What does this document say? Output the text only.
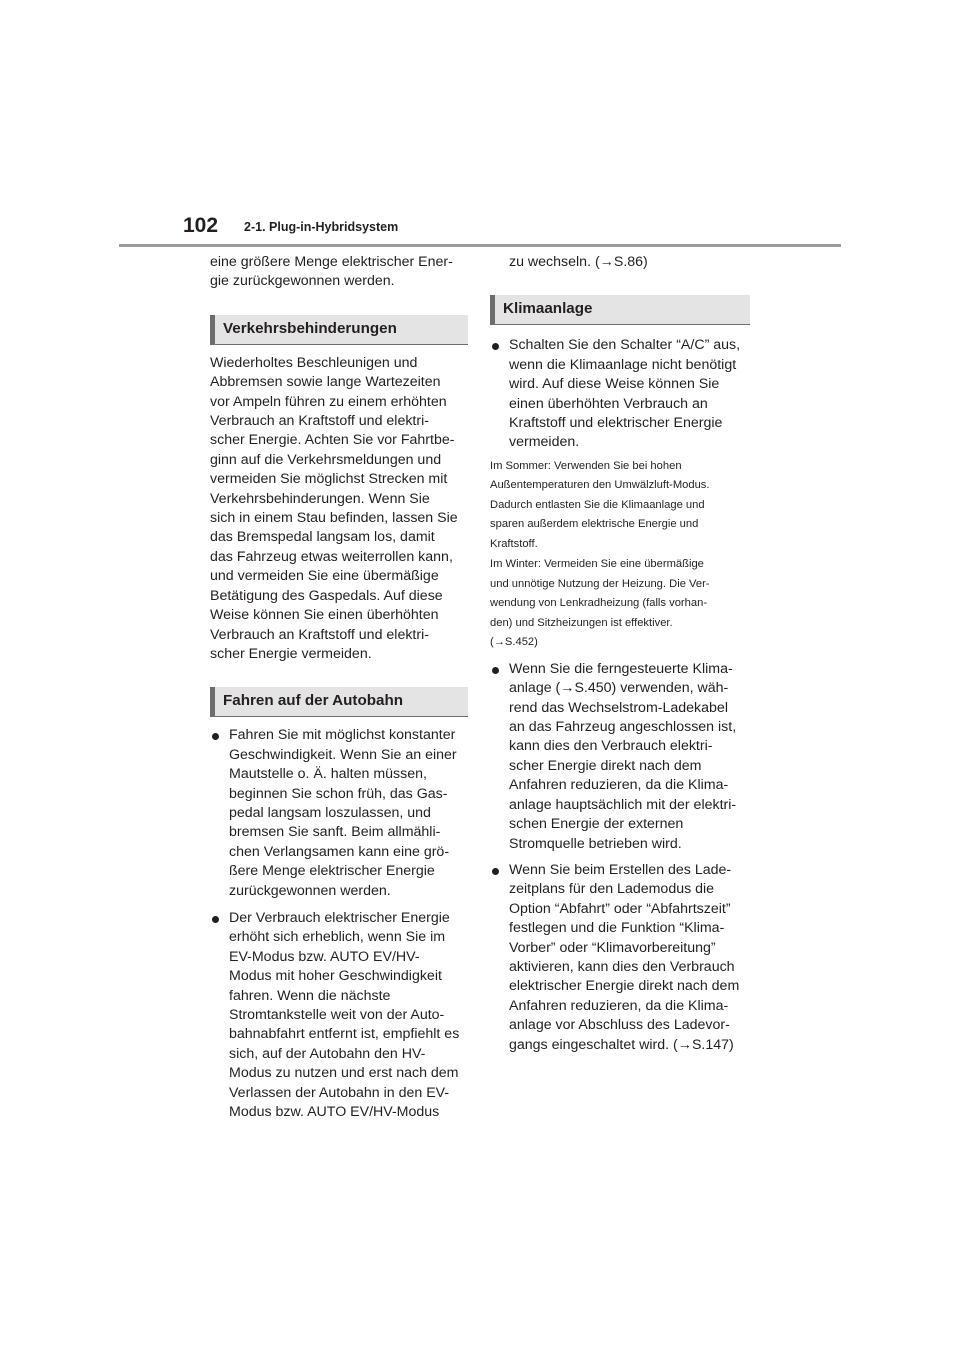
102 2-1. Plug-in-Hybridsystem

eine größere Menge elektrischer Ener-
gie zurückgewonnen werden.

Verkehrsbehinderungen

Wiederholtes Beschleunigen und
Abbremsen sowie lange Wartezeiten
vor Ampeln führen zu einem erhöhten
Verbrauch an Kraftstoff und elektri-
scher Energie. Achten Sie vor Fahrtbe-
ginn auf die Verkehrsmeldungen und
vermeiden Sie möglichst Strecken mit
Verkehrsbehinderungen. Wenn Sie
sich in einem Stau befinden, lassen Sie
das Bremspedal langsam los, damit
das Fahrzeug etwas weiterrollen kann,
und vermeiden Sie eine übermäßige
Betätigung des Gaspedals. Auf diese
Weise können Sie einen überhöhten
Verbrauch an Kraftstoff und elektri-
scher Energie vermeiden.

Fahren auf der Autobahn
Fahren Sie mit möglichst konstanter
Geschwindigkeit. Wenn Sie an einer
Mautstelle o. Ä. halten müssen,
beginnen Sie schon früh, das Gas-
pedal langsam loszulassen, und
bremsen Sie sanft. Beim allmähli-
chen Verlangsamen kann eine grö-
ßere Menge elektrischer Energie
zurückgewonnen werden.
Der Verbrauch elektrischer Energie
erhöht sich erheblich, wenn Sie im
EV-Modus bzw. AUTO EV/HV-
Modus mit hoher Geschwindigkeit
fahren. Wenn die nächste
Stromtankstelle weit von der Auto-
bahnabfahrt entfernt ist, empfiehlt es
sich, auf der Autobahn den HV-
Modus zu nutzen und erst nach dem
Verlassen der Autobahn in den EV-
Modus bzw. AUTO EV/HV-Modus

zu wechseln. (→S.86)

Klimaanlage
Schalten Sie den Schalter “A/C” aus,
wenn die Klimaanlage nicht benötigt
wird. Auf diese Weise können Sie
einen überhöhten Verbrauch an
Kraftstoff und elektrischer Energie
vermeiden.

Im Sommer: Verwenden Sie bei hohen
Außentemperaturen den Umwälzluft-Modus.
Dadurch entlasten Sie die Klimaanlage und
sparen außerdem elektrische Energie und
Kraftstoff.

Im Winter: Vermeiden Sie eine übermäßige
und unnötige Nutzung der Heizung. Die Ver-
wendung von Lenkradheizung (falls vorhan-
den) und Sitzheizungen ist effektiver.
(→S.452)

Wenn Sie die ferngesteuerte Klima-
anlage (→S.450) verwenden, wäh-
rend das Wechselstrom-Ladekabel
an das Fahrzeug angeschlossen ist,
kann dies den Verbrauch elektri-
scher Energie direkt nach dem
Anfahren reduzieren, da die Klima-
anlage hauptsächlich mit der elektri-
schen Energie der externen
Stromquelle betrieben wird.
Wenn Sie beim Erstellen des Lade-
zeitplans für den Lademodus die
Option “Abfahrt” oder “Abfahrtszeit”
festlegen und die Funktion “Klima-
Vorber” oder “Klimavorbereitung”
aktivieren, kann dies den Verbrauch
elektrischer Energie direkt nach dem
Anfahren reduzieren, da die Klima-
anlage vor Abschluss des Ladevor-
gangs eingeschaltet wird. (→S.147)
